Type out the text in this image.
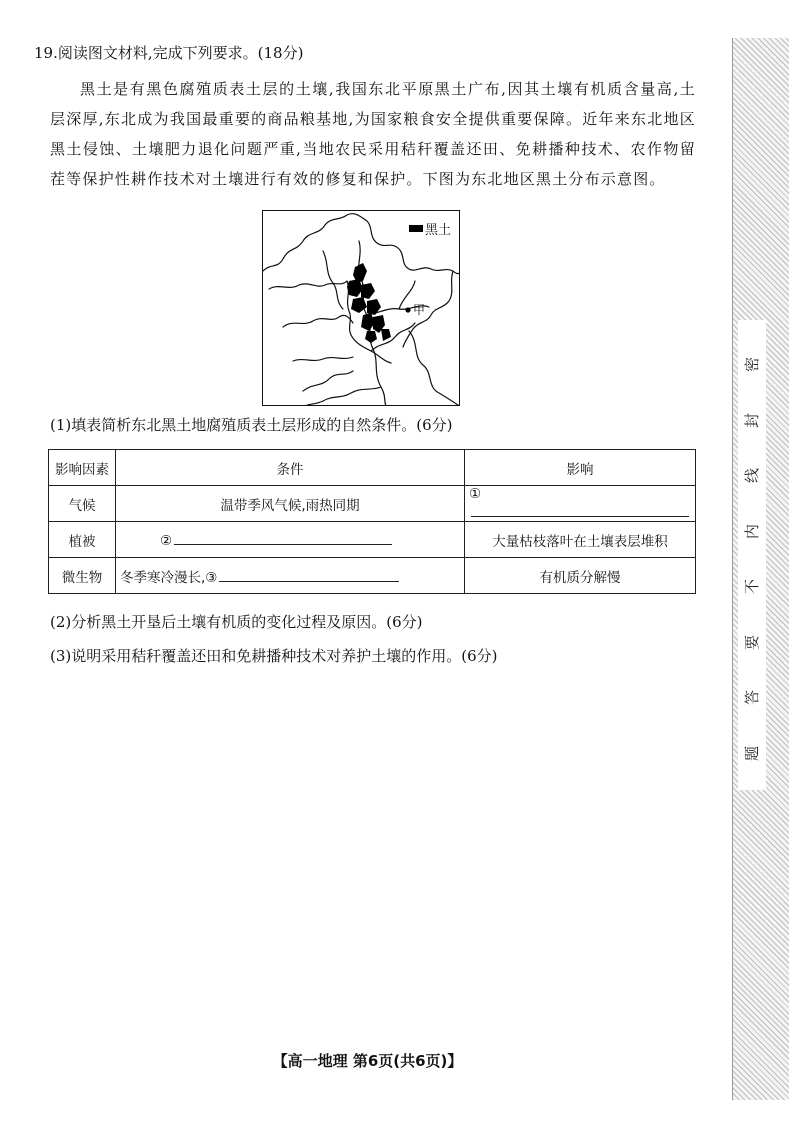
密
封
线
内
不
要
答
题
19.阅读图文材料,完成下列要求。(18分)
黑土是有黑色腐殖质表土层的土壤,我国东北平原黑土广布,因其土壤有机质含量高,土层深厚,东北成为我国最重要的商品粮基地,为国家粮食安全提供重要保障。近年来东北地区黑土侵蚀、土壤肥力退化问题严重,当地农民采用秸秆覆盖还田、免耕播种技术、农作物留茬等保护性耕作技术对土壤进行有效的修复和保护。下图为东北地区黑土分布示意图。
黑土
甲
(1)填表简析东北黑土地腐殖质表土层形成的自然条件。(6分)
影响因素	条件	影响
气候	温带季风气候,雨热同期	①
植被	②	大量枯枝落叶在土壤表层堆积
微生物	冬季寒冷漫长,③	有机质分解慢
(2)分析黑土开垦后土壤有机质的变化过程及原因。(6分)
(3)说明采用秸秆覆盖还田和免耕播种技术对养护土壤的作用。(6分)
【高一地理 第6页(共6页)】
